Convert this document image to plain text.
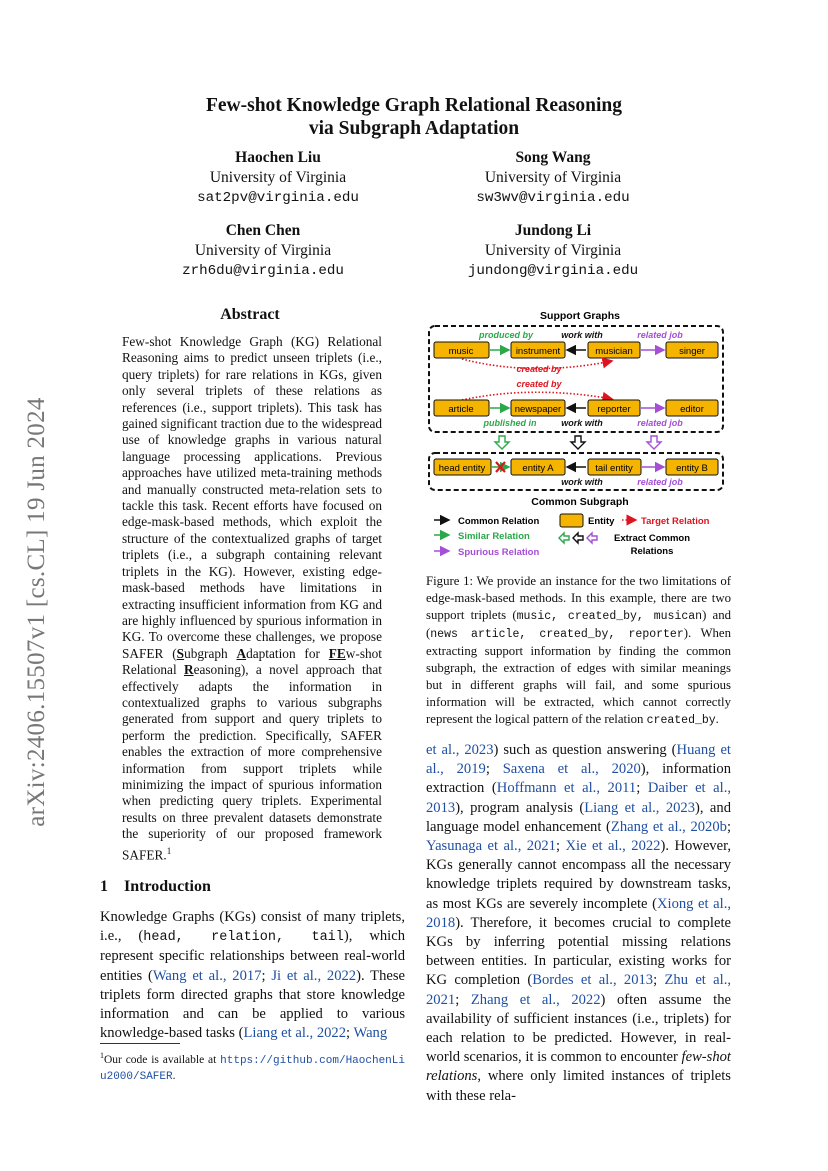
arXiv:2406.15507v1 [cs.CL] 19 Jun 2024
Few-shot Knowledge Graph Relational Reasoning
via Subgraph Adaptation
Haochen Liu
University of Virginia
sat2pv@virginia.edu
Song Wang
University of Virginia
sw3wv@virginia.edu
Chen Chen
University of Virginia
zrh6du@virginia.edu
Jundong Li
University of Virginia
jundong@virginia.edu
Abstract
Few-shot Knowledge Graph (KG) Relational Reasoning aims to predict unseen triplets (i.e., query triplets) for rare relations in KGs, given only several triplets of these relations as references (i.e., support triplets). This task has gained significant traction due to the widespread use of knowledge graphs in various natural language processing applications. Previous approaches have utilized meta-training methods and manually constructed meta-relation sets to tackle this task. Recent efforts have focused on edge-mask-based methods, which exploit the structure of the contextualized graphs of target triplets (i.e., a subgraph containing relevant triplets in the KG). However, existing edge-mask-based methods have limitations in extracting insufficient information from KG and are highly influenced by spurious information in KG. To overcome these challenges, we propose SAFER (Subgraph Adaptation for FEw-shot Relational Reasoning), a novel approach that effectively adapts the information in contextualized graphs to various subgraphs generated from support and query triplets to perform the prediction. Specifically, SAFER enables the extraction of more comprehensive information from support triplets while minimizing the impact of spurious information when predicting query triplets. Experimental results on three prevalent datasets demonstrate the superiority of our proposed framework SAFER.$^1$
1 Introduction
Knowledge Graphs (KGs) consist of many triplets, i.e., (head, relation, tail), which represent specific relationships between real-world entities (Wang et al., 2017; Ji et al., 2022). These triplets form directed graphs that store knowledge information and can be applied to various knowledge-based tasks (Liang et al., 2022; Wang
$^1$Our code is available at https://github.com/HaochenLiu2000/SAFER.
Support Graphs
music	instrument	musician	singer
produced by	work with	related job
created by
created by
article	newspaper	reporter	editor
published in	work with	related job
head entity	entity A	tail entity	entity B
work with	related job
Common Subgraph
Common Relation
Similar Relation
Spurious Relation
Entity	Target Relation
Extract Common
Relations
Figure 1: We provide an instance for the two limitations of edge-mask-based methods. In this example, there are two support triplets (music, created_by, musican) and (news article, created_by, reporter). When extracting support information by finding the common subgraph, the extraction of edges with similar meanings but in different graphs will fail, and some spurious information will be extracted, which cannot correctly represent the logical pattern of the relation created_by.
et al., 2023) such as question answering (Huang et al., 2019; Saxena et al., 2020), information extraction (Hoffmann et al., 2011; Daiber et al., 2013), program analysis (Liang et al., 2023), and language model enhancement (Zhang et al., 2020b; Yasunaga et al., 2021; Xie et al., 2022). However, KGs generally cannot encompass all the necessary knowledge triplets required by downstream tasks, as most KGs are severely incomplete (Xiong et al., 2018). Therefore, it becomes crucial to complete KGs by inferring potential missing relations between entities. In particular, existing works for KG completion (Bordes et al., 2013; Zhu et al., 2021; Zhang et al., 2022) often assume the availability of sufficient instances (i.e., triplets) for each relation to be predicted. However, in real-world scenarios, it is common to encounter few-shot relations, where only limited instances of triplets with these rela-
